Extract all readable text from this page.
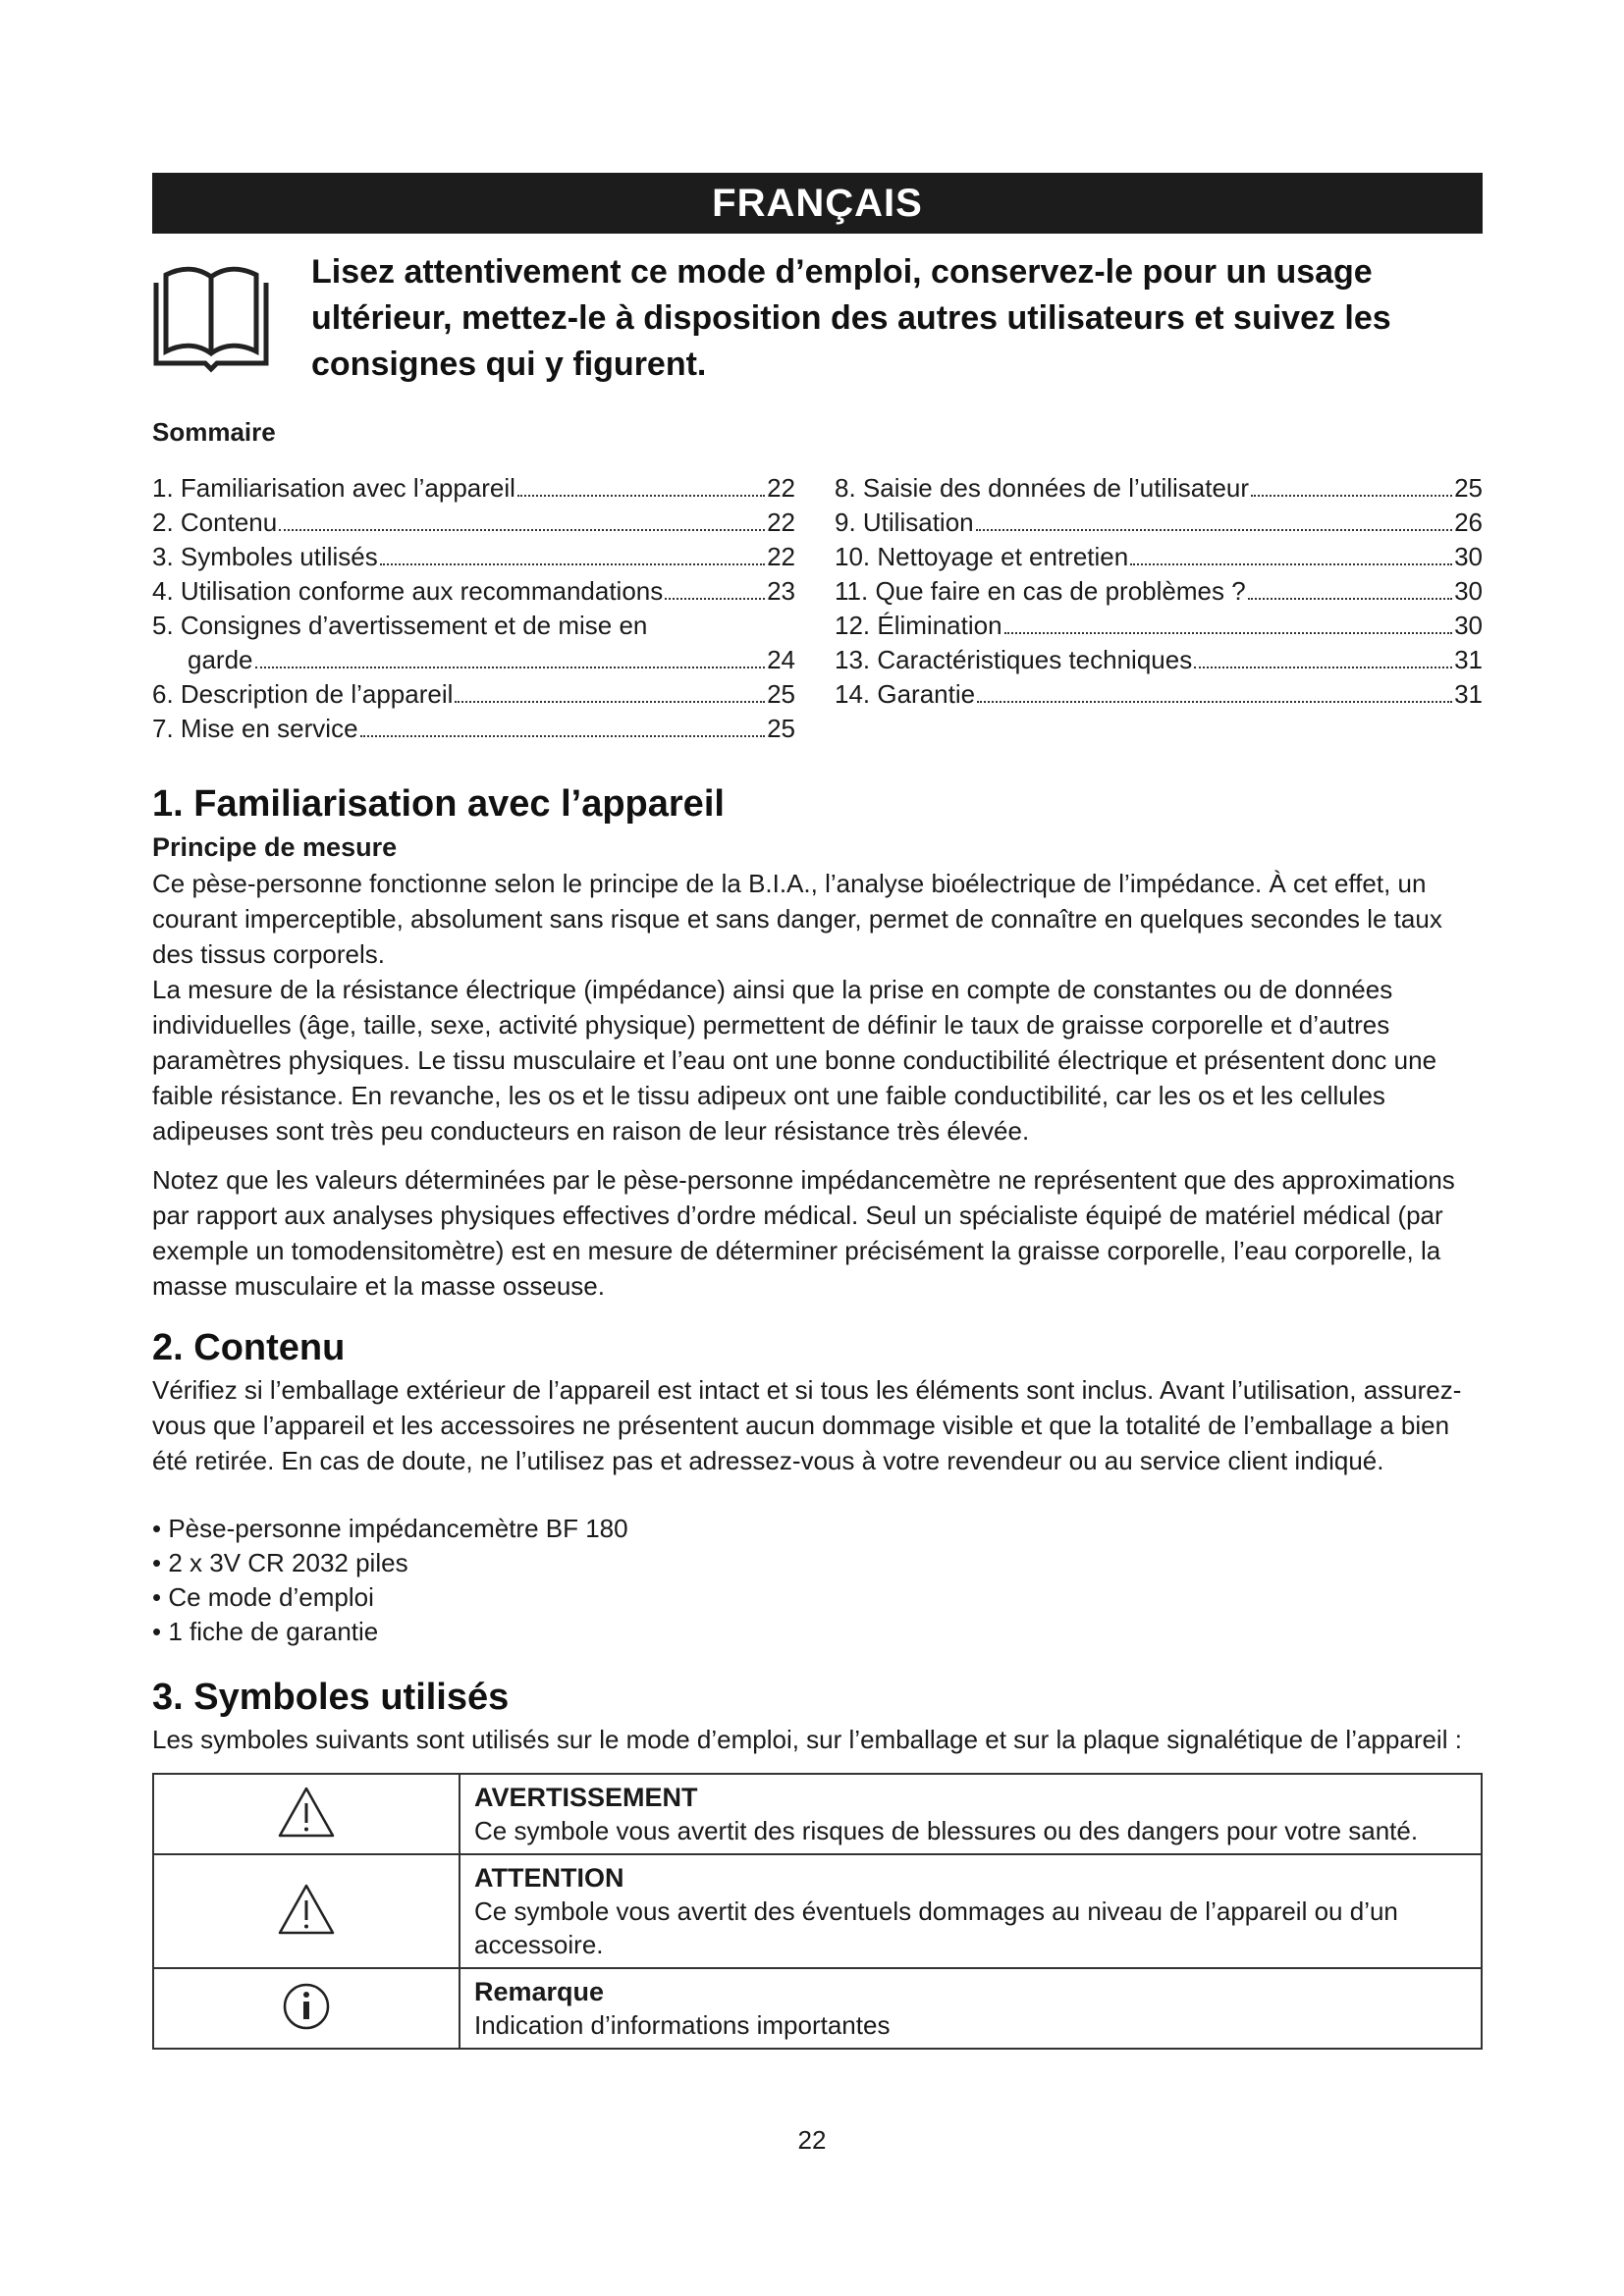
FRANÇAIS
Lisez attentivement ce mode d’emploi, conservez-le pour un usage
ultérieur, mettez-le à disposition des autres utilisateurs et suivez les
consignes qui y figurent.
Sommaire
1. Familiarisation avec l’appareil	22
2. Contenu	22
3. Symboles utilisés	22
4. Utilisation conforme aux recommandations	23
5. Consignes d’avertissement et de mise en
garde	24
6. Description de l’appareil	25
7. Mise en service	25
8. Saisie des données de l’utilisateur	25
9. Utilisation	26
10. Nettoyage et entretien	30
11. Que faire en cas de problèmes ?	30
12. Élimination	30
13. Caractéristiques techniques	31
14. Garantie	31
1. Familiarisation avec l’appareil
Principe de mesure

Ce pèse-personne fonctionne selon le principe de la B.I.A., l’analyse bioélectrique de l’impédance. À cet effet, un courant imperceptible, absolument sans risque et sans danger, permet de connaître en quelques secondes le taux des tissus corporels.

La mesure de la résistance électrique (impédance) ainsi que la prise en compte de constantes ou de données individuelles (âge, taille, sexe, activité physique) permettent de définir le taux de graisse corporelle et d’autres paramètres physiques. Le tissu musculaire et l’eau ont une bonne conductibilité électrique et présentent donc une faible résistance. En revanche, les os et le tissu adipeux ont une faible conductibilité, car les os et les cellules adipeuses sont très peu conducteurs en raison de leur résistance très élevée.

Notez que les valeurs déterminées par le pèse-personne impédancemètre ne représentent que des approximations par rapport aux analyses physiques effectives d’ordre médical. Seul un spécialiste équipé de matériel médical (par exemple un tomodensitomètre) est en mesure de déterminer précisément la graisse corporelle, l’eau corporelle, la masse musculaire et la masse osseuse.

2. Contenu

Vérifiez si l’emballage extérieur de l’appareil est intact et si tous les éléments sont inclus. Avant l’utilisation, assurez-vous que l’appareil et les accessoires ne présentent aucun dommage visible et que la totalité de l’emballage a bien été retirée. En cas de doute, ne l’utilisez pas et adressez-vous à votre revendeur ou au service client indiqué.

• Pèse-personne impédancemètre BF 180
• 2 x 3V CR 2032 piles
• Ce mode d’emploi
• 1 fiche de garantie
3. Symboles utilisés

Les symboles suivants sont utilisés sur le mode d’emploi, sur l’emballage et sur la plaque signalétique de l’appareil :

AVERTISSEMENT
Ce symbole vous avertit des risques de blessures ou des dangers pour votre santé.

ATTENTION
Ce symbole vous avertit des éventuels dommages au niveau de l’appareil ou d’un accessoire.

Remarque
Indication d’informations importantes
22
